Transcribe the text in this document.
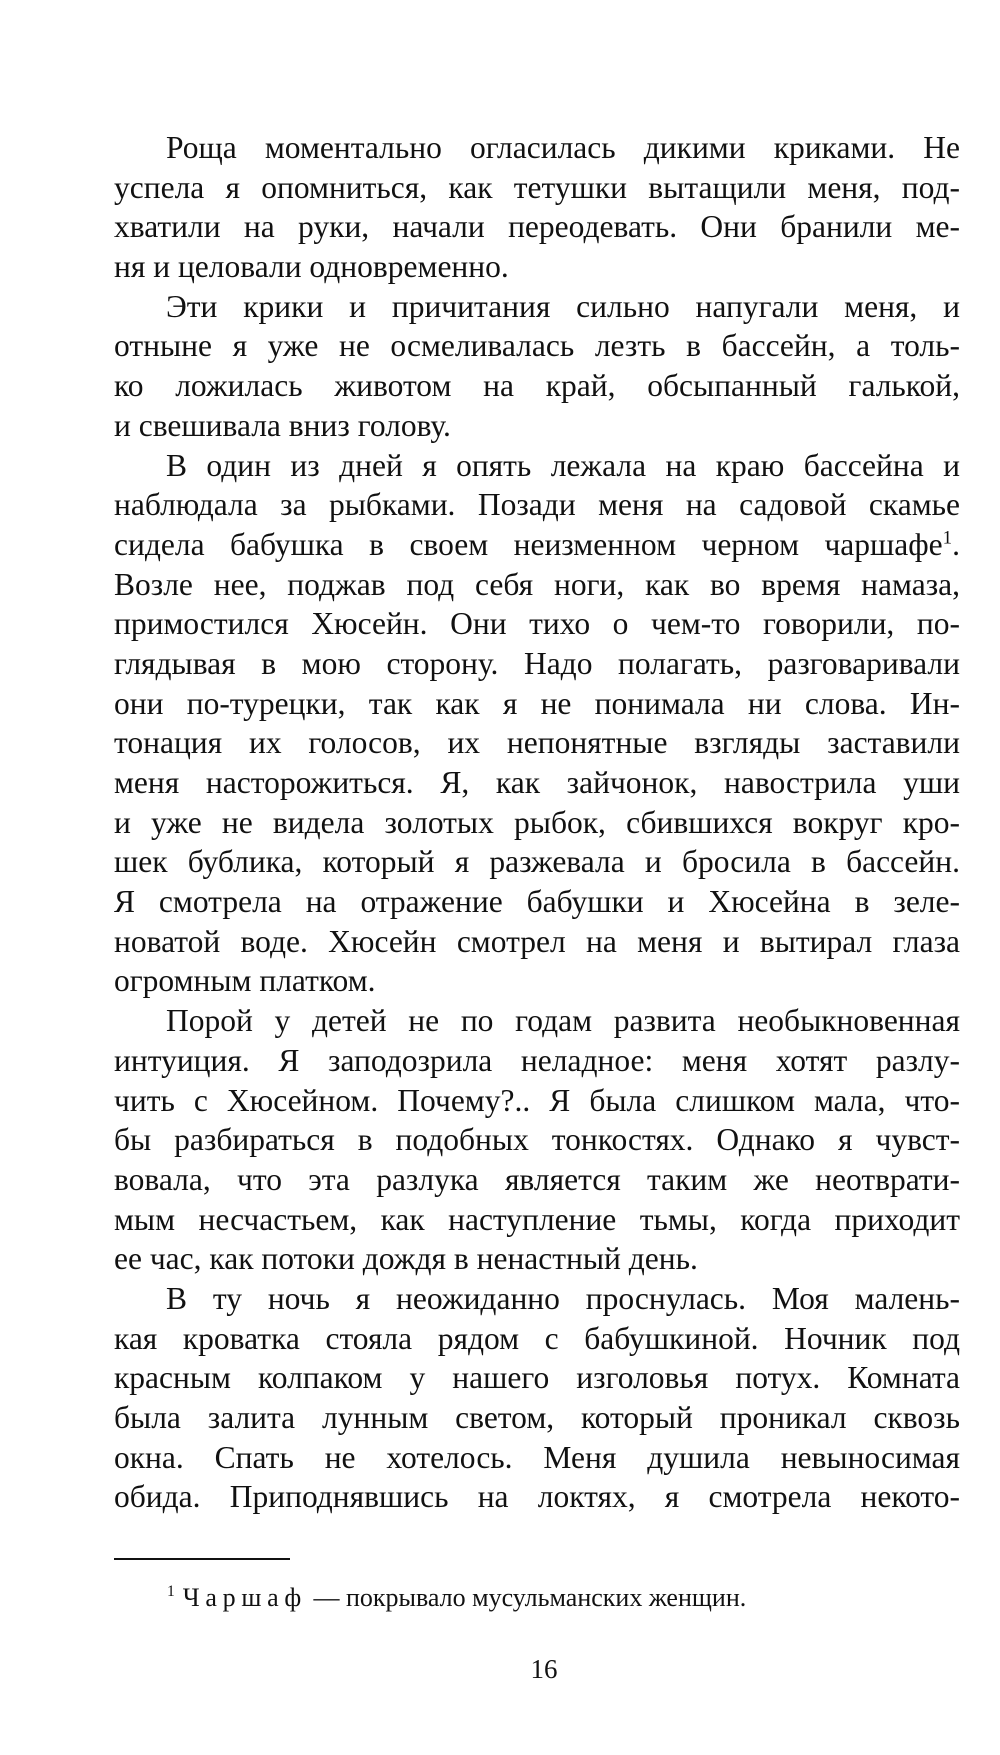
Роща моментально огласилась дикими криками. Не
успела я опомниться, как тетушки вытащили меня, под-
хватили на руки, начали переодевать. Они бранили ме-
ня и целовали одновременно.
Эти крики и причитания сильно напугали меня, и
отныне я уже не осмеливалась лезть в бассейн, а толь-
ко ложилась животом на край, обсыпанный галькой,
и свешивала вниз голову.
В один из дней я опять лежала на краю бассейна и
наблюдала за рыбками. Позади меня на садовой скамье
сидела бабушка в своем неизменном черном чаршафе$^1$.
Возле нее, поджав под себя ноги, как во время намаза,
примостился Хюсейн. Они тихо о чем-то говорили, по-
глядывая в мою сторону. Надо полагать, разговаривали
они по-турецки, так как я не понимала ни слова. Ин-
тонация их голосов, их непонятные взгляды заставили
меня насторожиться. Я, как зайчонок, навострила уши
и уже не видела золотых рыбок, сбившихся вокруг кро-
шек бублика, который я разжевала и бросила в бассейн.
Я смотрела на отражение бабушки и Хюсейна в зеле-
новатой воде. Хюсейн смотрел на меня и вытирал глаза
огромным платком.
Порой у детей не по годам развита необыкновенная
интуиция. Я заподозрила неладное: меня хотят разлу-
чить с Хюсейном. Почему?.. Я была слишком мала, что-
бы разбираться в подобных тонкостях. Однако я чувст-
вовала, что эта разлука является таким же неотврати-
мым несчастьем, как наступление тьмы, когда приходит
ее час, как потоки дождя в ненастный день.
В ту ночь я неожиданно проснулась. Моя малень-
кая кроватка стояла рядом с бабушкиной. Ночник под
красным колпаком у нашего изголовья потух. Комната
была залита лунным светом, который проникал сквозь
окна. Спать не хотелось. Меня душила невыносимая
обида. Приподнявшись на локтях, я смотрела некото-
$^1$ Чаршаф — покрывало мусульманских женщин.
16
